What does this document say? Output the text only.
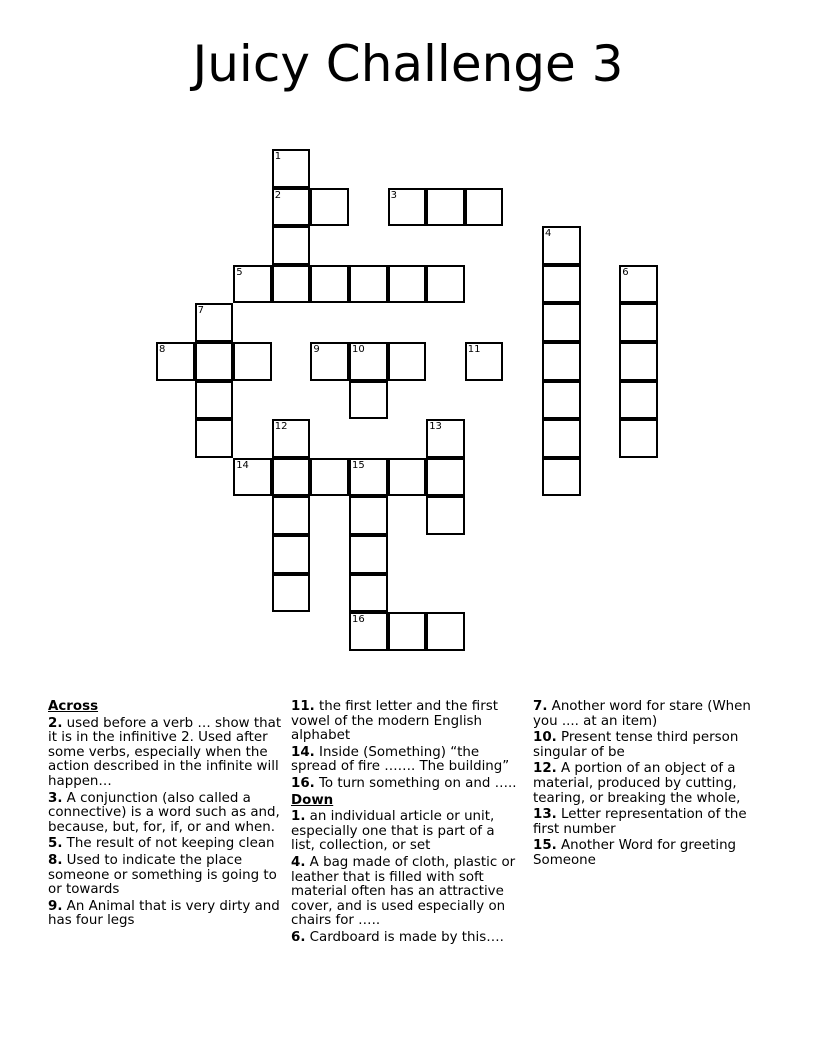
Juicy Challenge 3
1
2	3
4
5	6
7
8	9	10	11
12	13
14	15
16

Across

2. used before a verb … show that it is in the infinitive 2. Used after some verbs, especially when the action described in the infinite will happen…

3. A conjunction (also called a connective) is a word such as and, because, but, for, if, or and when.

5. The result of not keeping clean

8. Used to indicate the place someone or something is going to or towards

9. An Animal that is very dirty and has four legs

11. the first letter and the first vowel of the modern English alphabet

14. Inside (Something) “the spread of fire ……. The building”

16. To turn something on and …..

Down

1. an individual article or unit, especially one that is part of a list, collection, or set

4. A bag made of cloth, plastic or leather that is filled with soft material often has an attractive cover, and is used especially on chairs for …..

6. Cardboard is made by this….

7. Another word for stare (When you .... at an item)

10. Present tense third person singular of be

12. A portion of an object of a material, produced by cutting, tearing, or breaking the whole,

13. Letter representation of the first number

15. Another Word for greeting Someone
